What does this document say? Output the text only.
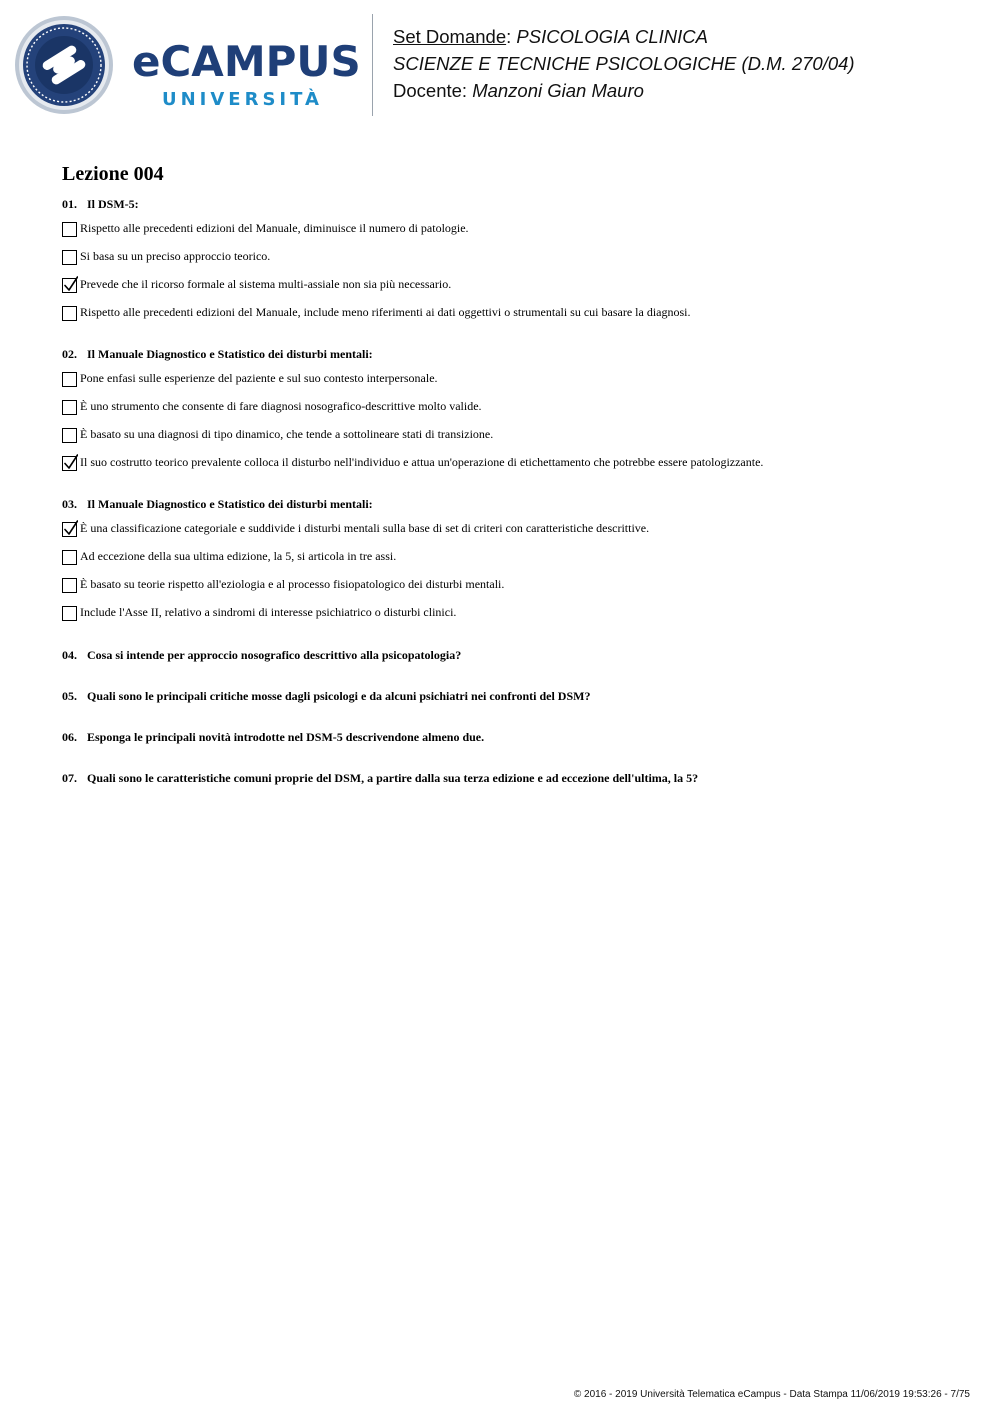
eCAMPUS
UNIVERSITÀ
Set Domande: PSICOLOGIA CLINICA
SCIENZE E TECNICHE PSICOLOGICHE (D.M. 270/04)
Docente: Manzoni Gian Mauro
Lezione 004
01. Il DSM-5:
Rispetto alle precedenti edizioni del Manuale, diminuisce il numero di patologie.
Si basa su un preciso approccio teorico.
Prevede che il ricorso formale al sistema multi-assiale non sia più necessario.
Rispetto alle precedenti edizioni del Manuale, include meno riferimenti ai dati oggettivi o strumentali su cui basare la diagnosi.
02. Il Manuale Diagnostico e Statistico dei disturbi mentali:
Pone enfasi sulle esperienze del paziente e sul suo contesto interpersonale.
È uno strumento che consente di fare diagnosi nosografico-descrittive molto valide.
È basato su una diagnosi di tipo dinamico, che tende a sottolineare stati di transizione.
Il suo costrutto teorico prevalente colloca il disturbo nell'individuo e attua un'operazione di etichettamento che potrebbe essere patologizzante.
03. Il Manuale Diagnostico e Statistico dei disturbi mentali:
È una classificazione categoriale e suddivide i disturbi mentali sulla base di set di criteri con caratteristiche descrittive.
Ad eccezione della sua ultima edizione, la 5, si articola in tre assi.
È basato su teorie rispetto all'eziologia e al processo fisiopatologico dei disturbi mentali.
Include l'Asse II, relativo a sindromi di interesse psichiatrico o disturbi clinici.
04. Cosa si intende per approccio nosografico descrittivo alla psicopatologia?
05. Quali sono le principali critiche mosse dagli psicologi e da alcuni psichiatri nei confronti del DSM?
06. Esponga le principali novità introdotte nel DSM-5 descrivendone almeno due.
07. Quali sono le caratteristiche comuni proprie del DSM, a partire dalla sua terza edizione e ad eccezione dell'ultima, la 5?
© 2016 - 2019 Università Telematica eCampus - Data Stampa 11/06/2019 19:53:26 - 7/75
